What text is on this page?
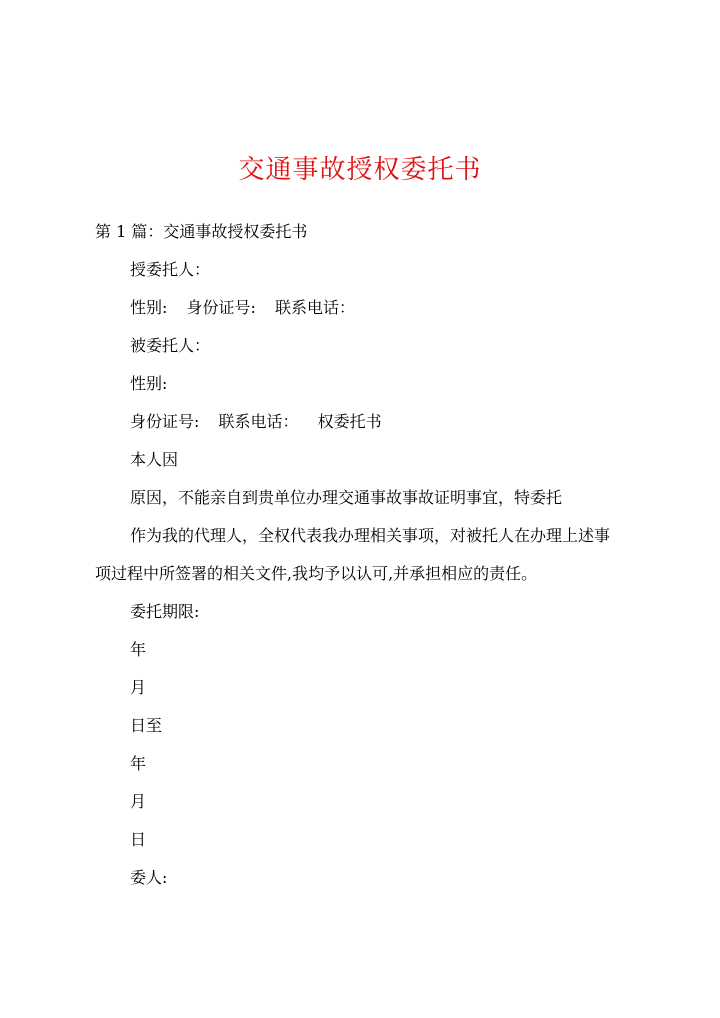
交通事故授权委托书
第 1 篇：交通事故授权委托书
授委托人：
性别: 身份证号: 联系电话：
被委托人：
性别:
身份证号: 联系电话： 权委托书
本人因
原因，不能亲自到贵单位办理交通事故事故证明事宜，特委托
作为我的代理人，全权代表我办理相关事项，对被托人在办理上述事
项过程中所签署的相关文件,我均予以认可,并承担相应的责任。
委托期限:
年
月
日至
年
月
日
委人:
